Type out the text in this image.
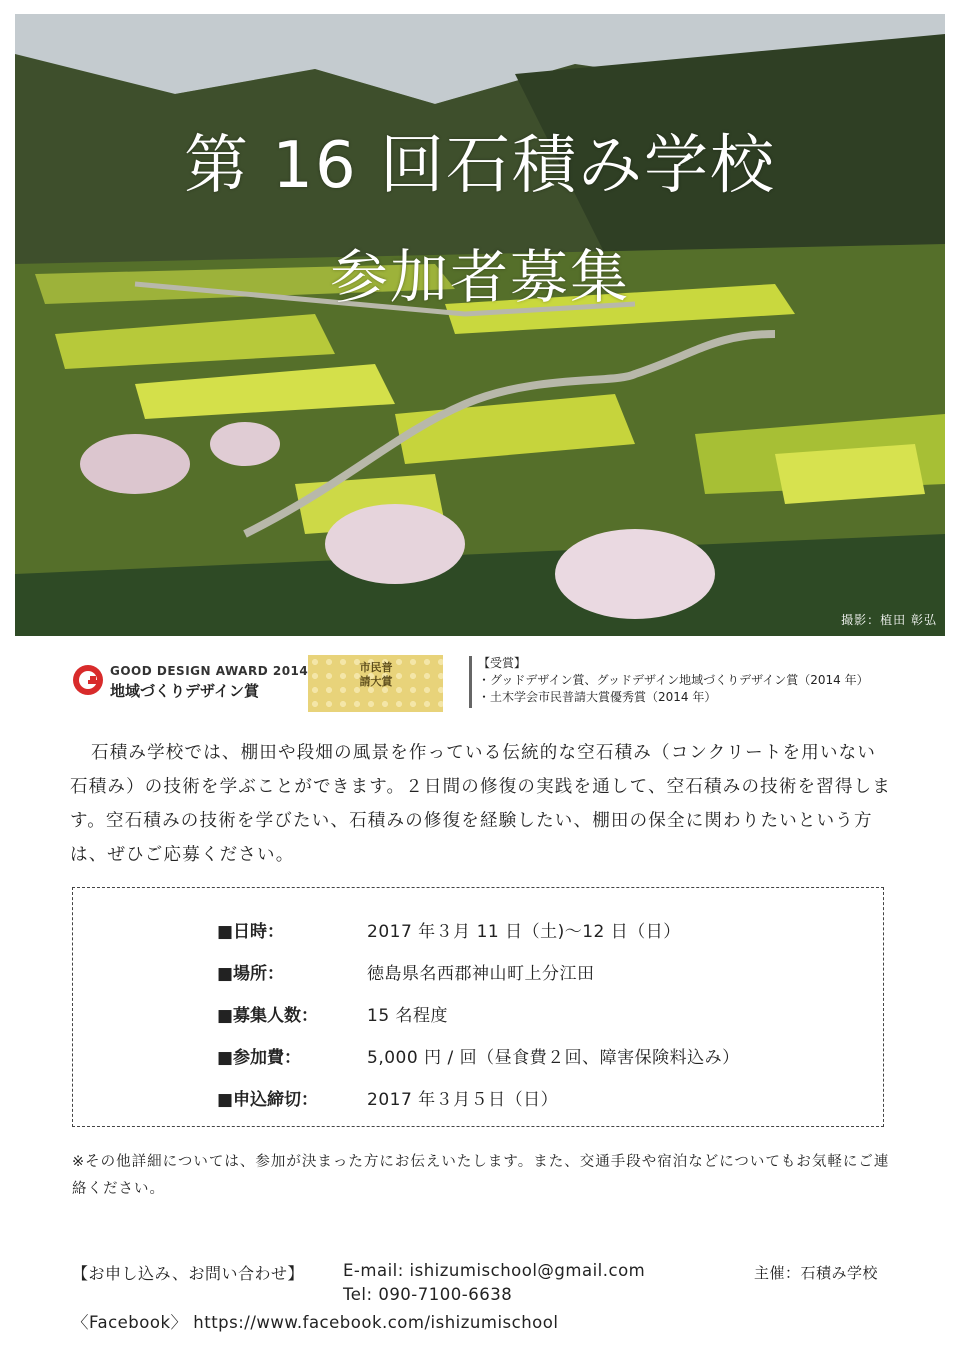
第 16 回石積み学校
参加者募集
撮影：植田 彰弘
GOOD DESIGN AWARD 2014
地域づくりデザイン賞
市民普請大賞
【受賞】
・グッドデザイン賞、グッドデザイン地域づくりデザイン賞（2014 年）
・土木学会市民普請大賞優秀賞（2014 年）
石積み学校では、棚田や段畑の風景を作っている伝統的な空石積み（コンクリートを用いない石積み）の技術を学ぶことができます。２日間の修復の実践を通して、空石積みの技術を習得します。空石積みの技術を学びたい、石積みの修復を経験したい、棚田の保全に関わりたいという方は、ぜひご応募ください。
■日時：	2017 年３月 11 日（土)～12 日（日）
■場所：	徳島県名西郡神山町上分江田
■募集人数：	15 名程度
■参加費：	5,000 円 / 回（昼食費２回、障害保険料込み）
■申込締切：	2017 年３月５日（日）
※その他詳細については、参加が決まった方にお伝えいたします。また、交通手段や宿泊などについてもお気軽にご連絡ください。
【お申し込み、お問い合わせ】 E-mail: ishizumischool@gmail.com
Tel: 090-7100-6638
〈Facebook〉 https://www.facebook.com/ishizumischool
主催：石積み学校
